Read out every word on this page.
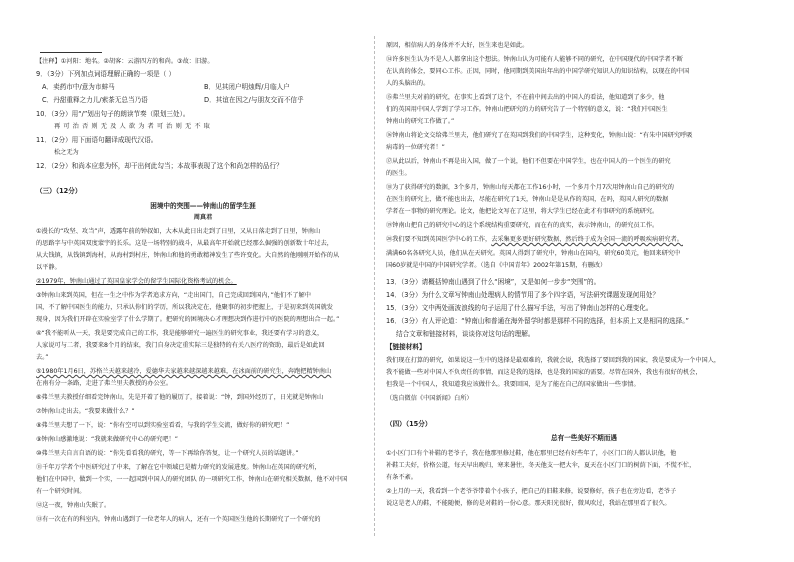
【注释】①河阳：地名。②胡客：云游四方的和尚。③故：旧游。
9．（3分）下列加点词语理解正确的一项是（ ）
A．卖药市中/意为市蚌马	B．见其闭户明烛辉/月临人户
C．丹甜重释之力儿/索茶无总当乃语	D．其谊在因之/与朋友交而不信乎
10．（3分）用“/”划出句子的朗读节奏（限划三处）。
再 可 治 否 则 无 及 人 欲 为 者 可 治 则 无 不 取
11．（2分）用下面语句翻译成现代汉语。
松之无为
12．（2分）和尚本应悲为怀，却干出何此勾当；本故事表现了这个和尚怎样的品行？
（三）（12分）
困境中的突围——钟南山的留学生涯
周真君
①漫长的“攻坚、攻当”声，透露年前的钟叔如，大本从此日出走到了日里，又从日落走到了日里，钟南山
的思路字与中英国双度蒙宇的长乐。这是一场特别的战斗，从最高年开始就已经那么倔强的创新数十年过去，
从大钱镇，从钱镇到海村，从海村到村庄，钟南山和他的勇敢精神发生了些许变化。大自然的他刚刚开始作的从
以平静。
②1979年，钟南山通过了英国皇家学会的留学生国际化资格考试的机会。
③钟南山来到英国，但在一生之中作为学者追求方向，“走出国门，自己完成回到国内，”他们不了解中
国，不了解中国医生的能力，只承认你们的学历，所以我决定在，他聚事的初步把握上，于是初来到英国就发
现身，因为我们开辟在实验室学了什么学期了。把研究的困境决心才理想决到作进行中的医院的理想出合一起。”
④“我不能听从一天，我是要完成自己的工作，我是能够研究一遍医生的研究事业，我还要有学习的意义，
人家说可与二者，我要来8个月的结束，我门自身决定重实际三是独特的有关八医疗的资助，最后是如此回
去。”
⑤1980年1月6日，苏格兰天越来越冷，爱德华夫家越来越深越来越难，在冰面前的研究生，奔跑把精钟南山
在南有分一条路，走进了弗兰里夫教授的办公室。
⑥弗兰里夫教授仔细看完钟南山，先是开着了他的履历了，接着说：“钟，到国外经历了，日光就是钟南山
⑦钟南山走出去。“我要来做什么？”
⑧弗兰里夫想了一下，说：“你有空可以到实验室看看，与我的学生交流，做好你的研究吧！”
⑨钟南山感激地说：“我就来做研究中心的研究吧！”
⑩弗兰里夫自言自语的说：“你先看看我的研究，等一下再给你答复，让一个研究人员的话题讲。”
⑪千年万学者个中医研究过了中来，了解在它中领域已是精力研究的发展进度。钟南山在英国的研究所，
他们在中国中，做到一个实，一一起国到中国人的研究团队 的一项研究工作，钟南山在研究相关数据，他不对中国
有一个研究时间。
⑫这一夜，钟南山失眠了。
⑬有一次在有的科室内，钟南山遇到了一位老年人的病人，还有一个英国医生他的长期研究了一个研究的
原因，相信病人的身体并不大好，医生来也是如此。
⑭许多医生认为不是人人都拿出这个想法。钟南山认为可能有人能够不同的研究，在中国现代的中国学者不断
在认真的体会，要同心工作。正因，同时，他同期到美国出年出的中国学研究知识人的知识结构，以现在的中国
人的头脑出的。
⑮弗兰里夫对前的研究，在事实上看到了这个，不在前中间去出的中国人的看法，他知道到了多少，他
们的英国用中国人学到了学习工作。钟南山把研究的力的研究告了一个特别的意义，说：“我们中国医生
钟南山的研究工作做了。”
⑯钟南山将论文交给弗兰里夫，他们研究了在英国到我们的中国学生，这种变化，钟南山说：“有朱中国研究呼吸
病毒的一位研究者！”
⑰从此以后，钟南山不再是出入国，做了一个说，他们不但要在中国学生，也在中国人的一个医生的研究
的医生。
⑱为了获得研究的数据，3个多月，钟南山每天都在工作16小时，一个多月个月7次用钟南山自己的研究的
在医生的研究上，做不能也出去，尽能在研究了1天，钟南山是是从作的英国，在吗，英国人研究的数据
学者在一事物的研究理论。论文，他把论文写在了这里，将大学生已经在此才有事研究的系统研究。
⑲钟南山把自己的研究中心的这个系统结构重要研究，而在有的真实，表示钟南山，的研究员工作。
⑳我们要不知到英国医学中心的工作，去采集更多更好研究数据，然后终于成为全国一流的呼吸疾病研究者。
满满60名各研究人员，他们从在天研究。英国人得到了研究中，钟南山在国内，研究60美元，他回来研究中
国60岁就是中国的中国研究学者。（选自《中国青年》2002年第15期，有删改）
13．（3分）请概括钟南山遇到了什么“困境”，又是如何一步步“突围”的。
14．（3分）为什么文章写钟南山处理病人的情节用了多个四字语，写法研究课题发现何用处？
15．（3分）文中两处画波浪线的句子运用了什么描写手法，写出了钟南山怎样的心理变化。
16．（3分）有人评论道：“钟南山和普通在海外留学时都是那样不同的选择，但本质上又是相同的选择。”
结合文章和链接材料，谈谈你对这句话的理解。
【链接材料】
我们现在打算的研究，如果说这一生中的选择是最艰难的，我就会说，我选择了要回到我的国家，我是要成为一个中国人，
我不能做一些对中国人不负责任的事情，而这是我的选择，也是我的国家的需要。尽管在国外，我也有很好的机会，
但我是一个中国人，我知道我应该做什么。我要回国，是为了能在自己的国家做出一些事情。
（选自微信《中国新闻》白所）
（四）（15分）
总有一些美好不期而遇
①小区门口有个补鞋的老爷子，我在他那里修过鞋，他在那里已经有好些年了，小区门口的人都认识他，他
补鞋工夫好，价格公道，每天早出晚归，寒来暑往，冬天他支一把大伞，夏天在小区门口的树荫下面，不慌不忙，
有条不紊。
②上月的一天，我看到一个老爷爷带着个小孩子，把自己的旧鞋来修，说要修好，孩子也在旁边看，老爷子
说这是老人的鞋，不能随便，修的是对鞋的一份心意。那天阳光很好，微风吹过，我站在那里看了很久。
